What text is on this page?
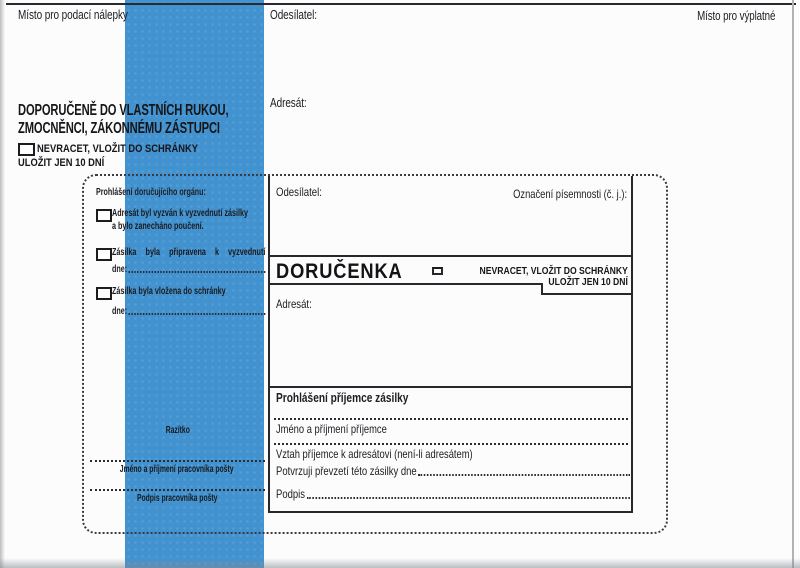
Místo pro podací nálepky	Odesílatel:	Místo pro výplatné
Adresát:
DOPORUČENĚ DO VLASTNÍCH RUKOU,
ZMOCNĚNCI, ZÁKONNÉMU ZÁSTUPCI
NEVRACET, VLOŽIT DO SCHRÁNKY
ULOŽIT JEN 10 DNÍ
Prohlášení doručujícího orgánu:
Adresát byl vyzván k vyzvednutí zásilky
a bylo zanecháno poučení.
Zásilka byla připravena k vyzvednutí
dne:
Zásilka byla vložena do schránky
dne:
Razítko
Jméno a příjmení pracovníka pošty
Podpis pracovníka pošty
Odesílatel:	Označení písemnosti (č. j.):
DORUČENKA	NEVRACET, VLOŽIT DO SCHRÁNKY
ULOŽIT JEN 10 DNÍ
Adresát:
Prohlášení příjemce zásilky
Jméno a příjmení příjemce
Vztah příjemce k adresátovi (není-li adresátem)
Potvrzuji převzetí této zásilky dne
Podpis
